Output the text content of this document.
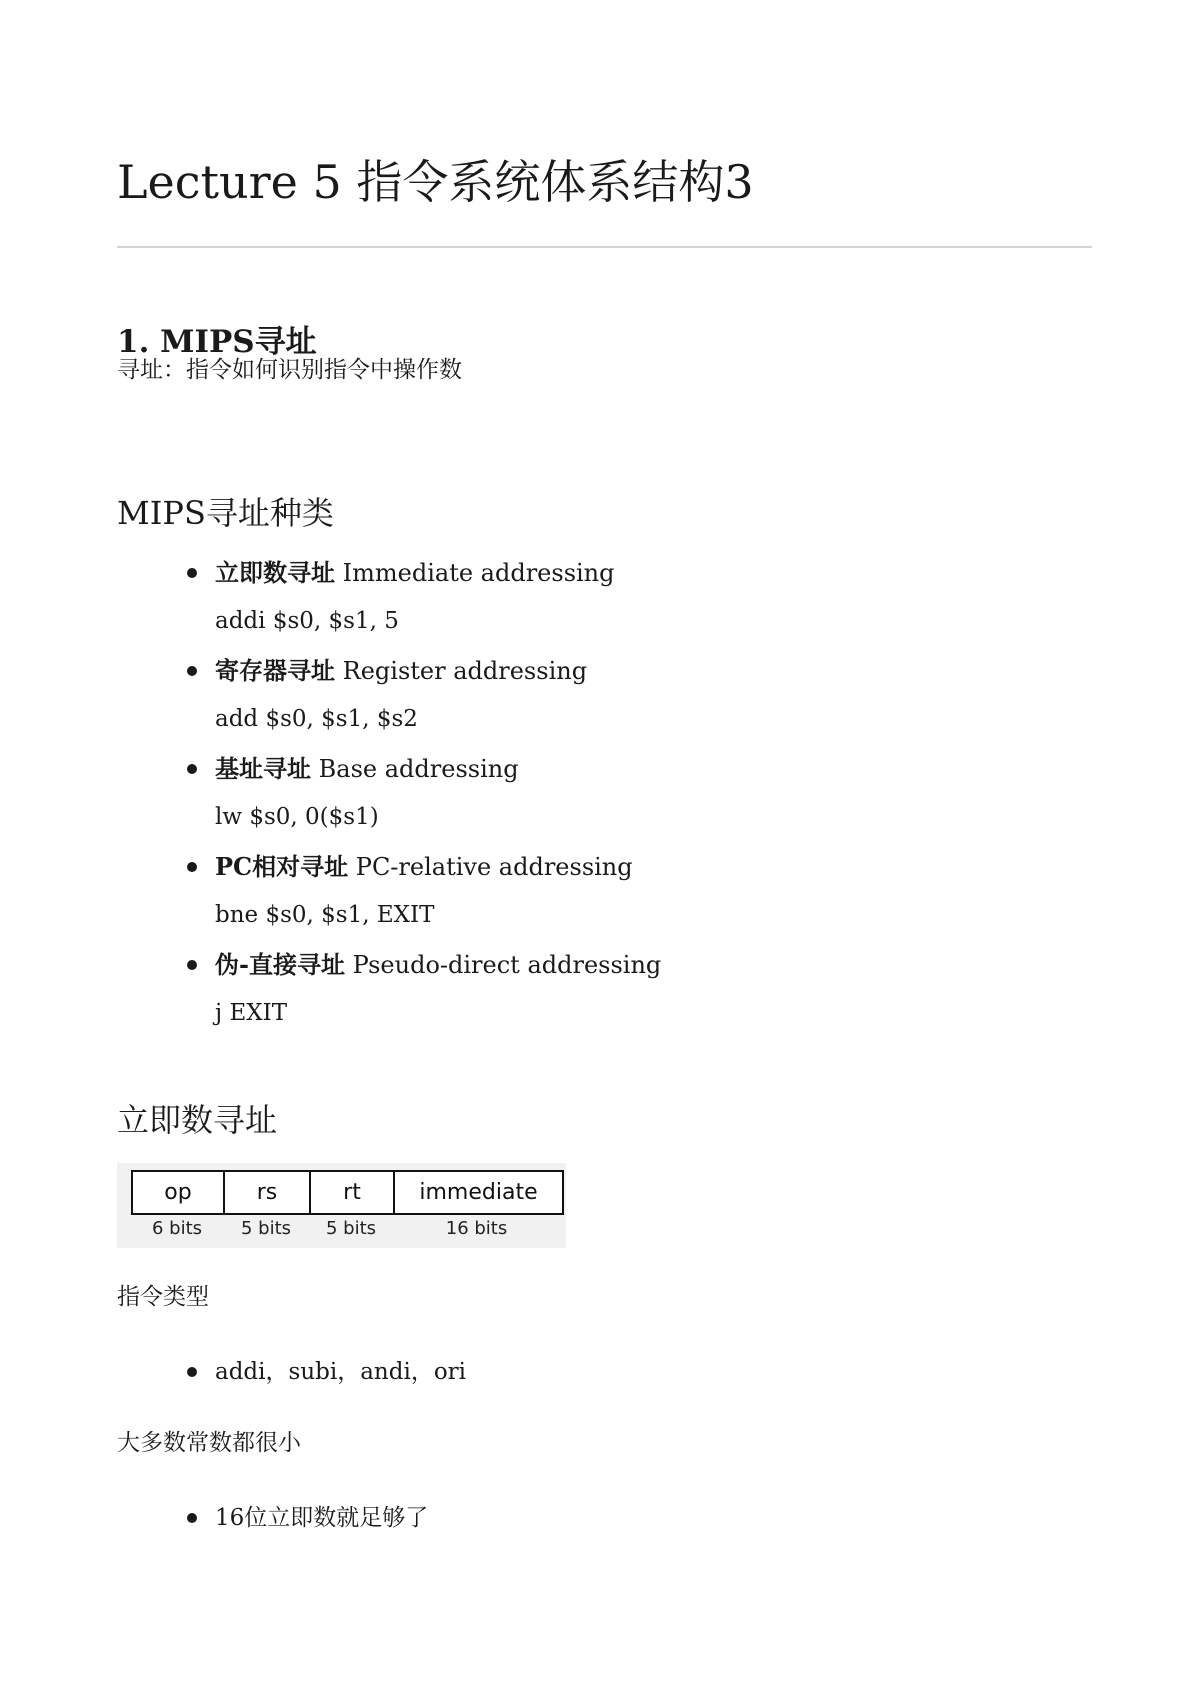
Lecture 5 指令系统体系结构3
1. MIPS寻址

寻址：指令如何识别指令中操作数

MIPS寻址种类
立即数寻址 Immediate addressing
addi $s0, $s1, 5
寄存器寻址 Register addressing
add $s0, $s1, $s2
基址寻址 Base addressing
lw $s0, 0($s1)
PC相对寻址 PC-relative addressing
bne $s0, $s1, EXIT
伪-直接寻址 Pseudo-direct addressing
j EXIT
立即数寻址
op	rs	rt	immediate
6 bits	5 bits	5 bits	16 bits

指令类型

addi，subi，andi，ori

大多数常数都很小

16位立即数就足够了
